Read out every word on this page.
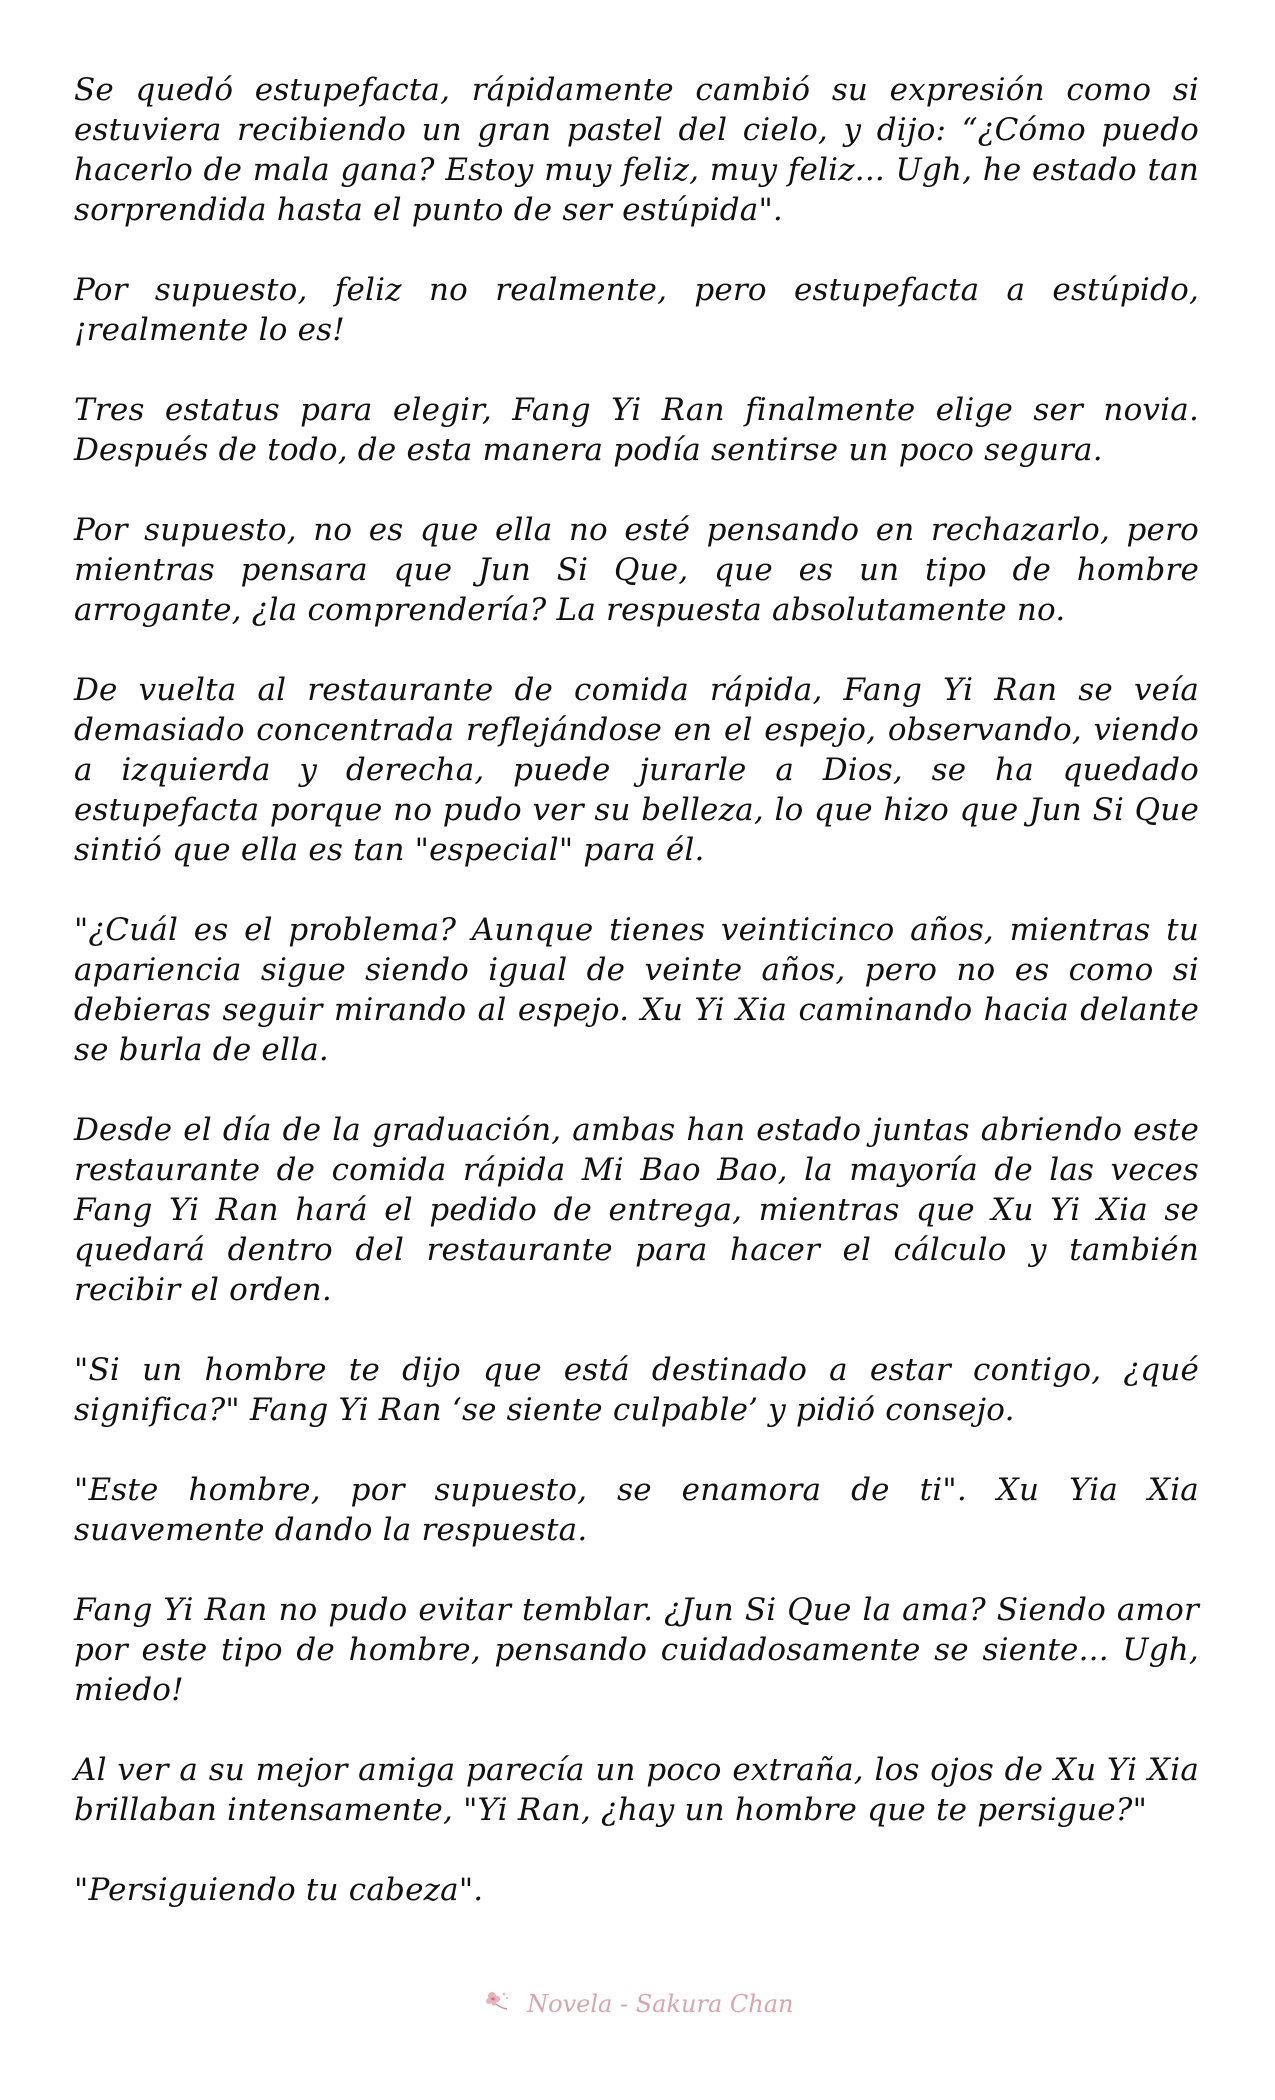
Se quedó estupefacta, rápidamente cambió su expresión como si estuviera recibiendo un gran pastel del cielo, y dijo: “¿Cómo puedo hacerlo de mala gana? Estoy muy feliz, muy feliz... Ugh, he estado tan sorprendida hasta el punto de ser estúpida".

Por supuesto, feliz no realmente, pero estupefacta a estúpido, ¡realmente lo es!

Tres estatus para elegir, Fang Yi Ran finalmente elige ser novia. Después de todo, de esta manera podía sentirse un poco segura.

Por supuesto, no es que ella no esté pensando en rechazarlo, pero mientras pensara que Jun Si Que, que es un tipo de hombre arrogante, ¿la comprendería? La respuesta absolutamente no.

De vuelta al restaurante de comida rápida, Fang Yi Ran se veía demasiado concentrada reflejándose en el espejo, observando, viendo a izquierda y derecha, puede jurarle a Dios, se ha quedado estupefacta porque no pudo ver su belleza, lo que hizo que Jun Si Que sintió que ella es tan "especial" para él.

"¿Cuál es el problema? Aunque tienes veinticinco años, mientras tu apariencia sigue siendo igual de veinte años, pero no es como si debieras seguir mirando al espejo. Xu Yi Xia caminando hacia delante se burla de ella.

Desde el día de la graduación, ambas han estado juntas abriendo este restaurante de comida rápida Mi Bao Bao, la mayoría de las veces Fang Yi Ran hará el pedido de entrega, mientras que Xu Yi Xia se quedará dentro del restaurante para hacer el cálculo y también recibir el orden.

"Si un hombre te dijo que está destinado a estar contigo, ¿qué significa?" Fang Yi Ran ‘se siente culpable’ y pidió consejo.

"Este hombre, por supuesto, se enamora de ti". Xu Yia Xia suavemente dando la respuesta.

Fang Yi Ran no pudo evitar temblar. ¿Jun Si Que la ama? Siendo amor por este tipo de hombre, pensando cuidadosamente se siente... Ugh, miedo!

Al ver a su mejor amiga parecía un poco extraña, los ojos de Xu Yi Xia brillaban intensamente, "Yi Ran, ¿hay un hombre que te persigue?"

"Persiguiendo tu cabeza".

Novela - Sakura Chan
